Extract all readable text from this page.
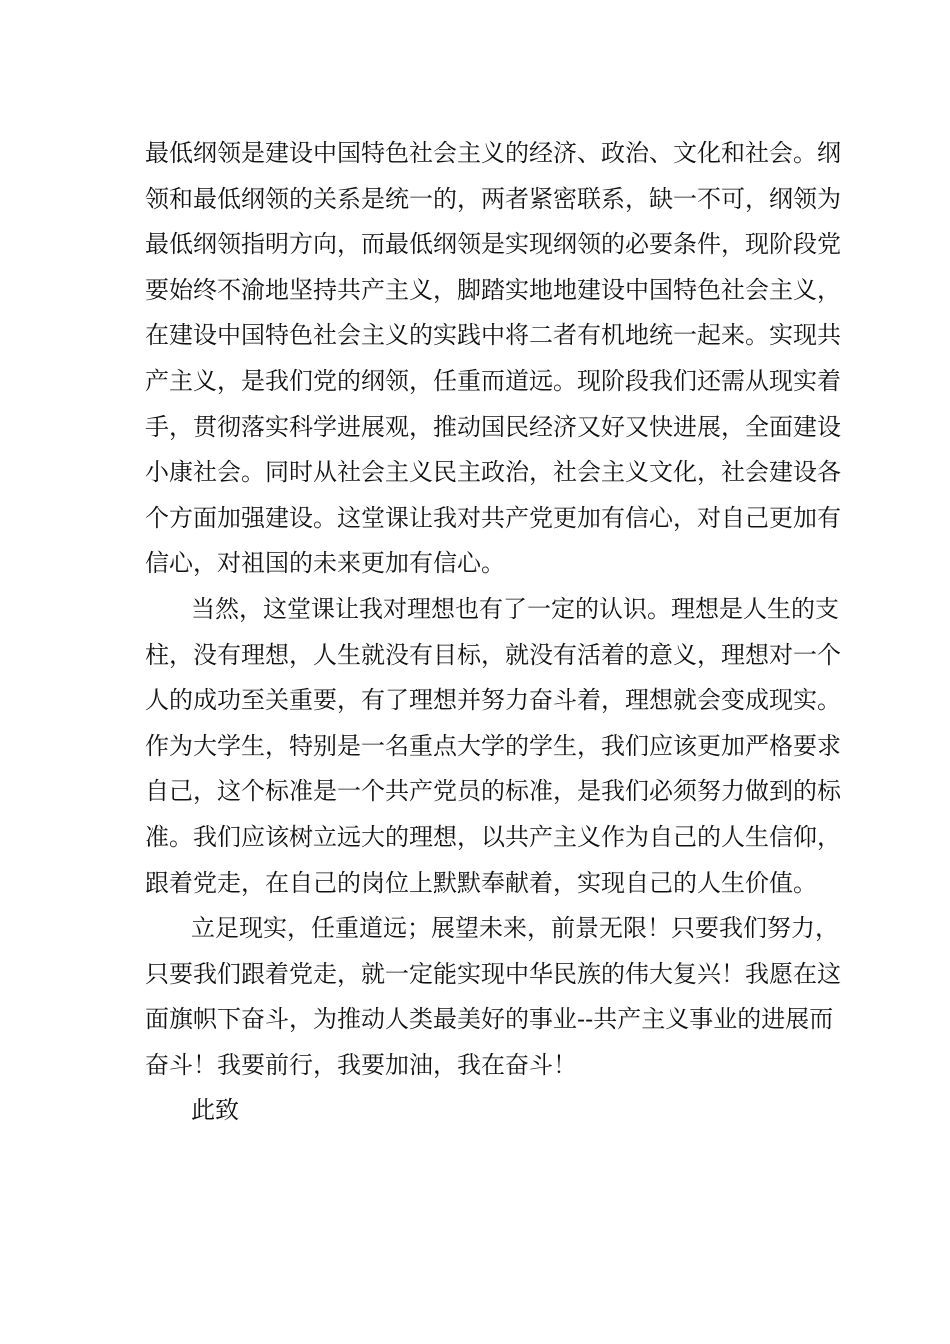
最低纲领是建设中国特色社会主义的经济、政治、文化和社会。纲
领和最低纲领的关系是统一的，两者紧密联系，缺一不可，纲领为
最低纲领指明方向，而最低纲领是实现纲领的必要条件，现阶段党
要始终不渝地坚持共产主义，脚踏实地地建设中国特色社会主义，
在建设中国特色社会主义的实践中将二者有机地统一起来。实现共
产主义，是我们党的纲领，任重而道远。现阶段我们还需从现实着
手，贯彻落实科学进展观，推动国民经济又好又快进展，全面建设
小康社会。同时从社会主义民主政治，社会主义文化，社会建设各
个方面加强建设。这堂课让我对共产党更加有信心，对自己更加有
信心，对祖国的未来更加有信心。
当然，这堂课让我对理想也有了一定的认识。理想是人生的支
柱，没有理想，人生就没有目标，就没有活着的意义，理想对一个
人的成功至关重要，有了理想并努力奋斗着，理想就会变成现实。
作为大学生，特别是一名重点大学的学生，我们应该更加严格要求
自己，这个标准是一个共产党员的标准，是我们必须努力做到的标
准。我们应该树立远大的理想，以共产主义作为自己的人生信仰，
跟着党走，在自己的岗位上默默奉献着，实现自己的人生价值。
立足现实，任重道远；展望未来，前景无限！只要我们努力，
只要我们跟着党走，就一定能实现中华民族的伟大复兴！我愿在这
面旗帜下奋斗，为推动人类最美好的事业--共产主义事业的进展而
奋斗！我要前行，我要加油，我在奋斗！
此致
